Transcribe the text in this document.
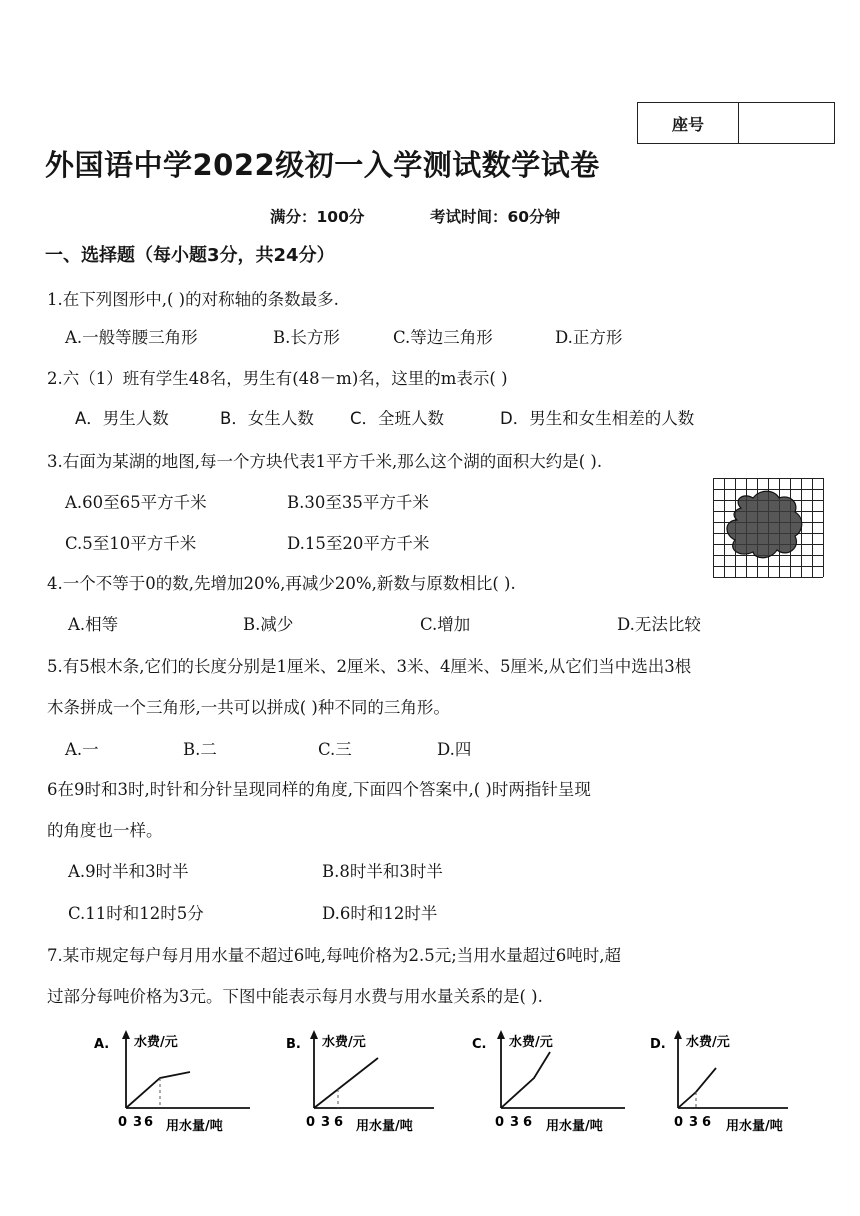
座号
外国语中学2022级初一入学测试数学试卷
满分：100分	考试时间：60分钟
一、选择题（每小题3分，共24分）
1.在下列图形中,( )的对称轴的条数最多.
A.一般等腰三角形	B.长方形	C.等边三角形	D.正方形
2.六（1）班有学生48名，男生有(48－m)名，这里的m表示( )
A．男生人数	B．女生人数 C．全班人数	D．男生和女生相差的人数
3.右面为某湖的地图,每一个方块代表1平方千米,那么这个湖的面积大约是( ).
A.60至65平方千米	B.30至35平方千米
C.5至10平方千米	D.15至20平方千米
4.一个不等于0的数,先增加20%,再减少20%,新数与原数相比( ).
A.相等	B.减少	C.增加	D.无法比较
5.有5根木条,它们的长度分别是1厘米、2厘米、3米、4厘米、5厘米,从它们当中选出3根
木条拼成一个三角形,一共可以拼成( )种不同的三角形。
A.一	B.二	C.三	D.四
6在9时和3时,时针和分针呈现同样的角度,下面四个答案中,( )时两指针呈现
的角度也一样。
A.9时半和3时半	B.8时半和3时半
C.11时和12时5分	D.6时和12时半
7.某市规定每户每月用水量不超过6吨,每吨价格为2.5元;当用水量超过6吨时,超
过部分每吨价格为3元。下图中能表示每月水费与用水量关系的是( ).
A. 水费/元
0 3 6 用水量/吨
B. 水费/元
0 3 6 用水量/吨
C. 水费/元
0 3 6 用水量/吨
D. 水费/元
0 3 6 用水量/吨
